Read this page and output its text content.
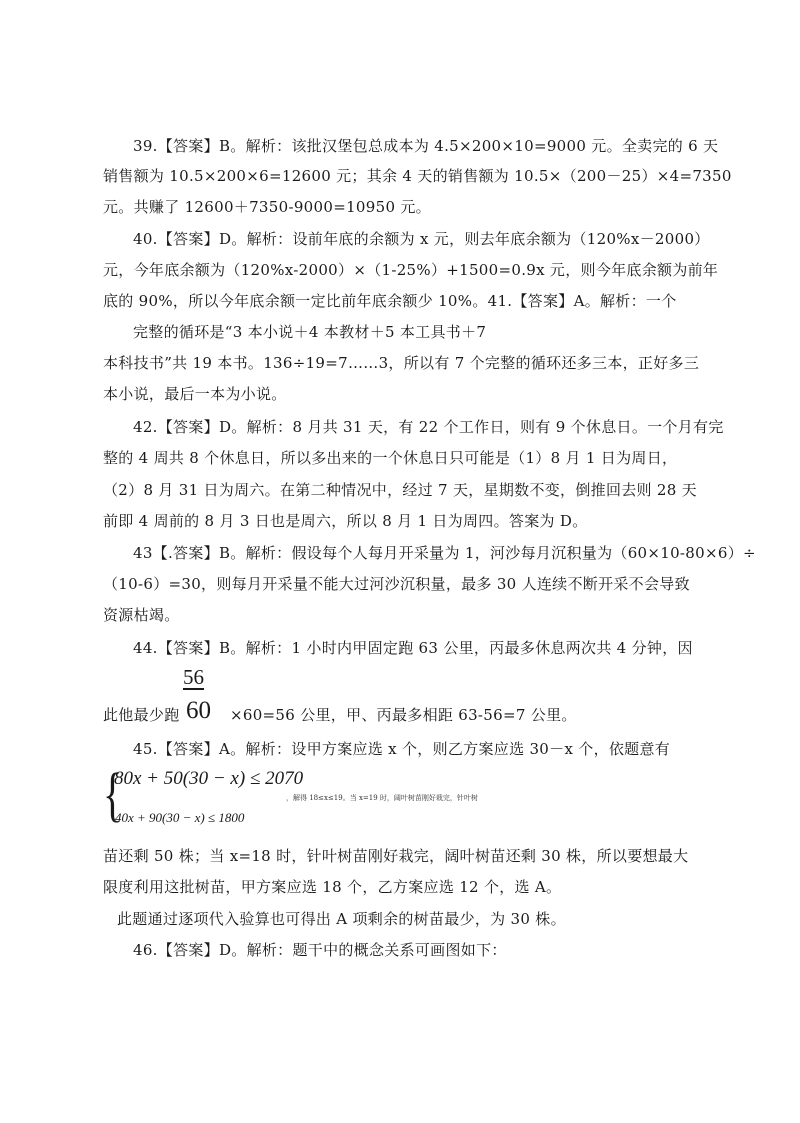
39.【答案】B。解析：该批汉堡包总成本为 4.5×200×10=9000 元。全卖完的 6 天
销售额为 10.5×200×6=12600 元；其余 4 天的销售额为 10.5×（200－25）×4=7350
元。共赚了 12600＋7350-9000=10950 元。
40.【答案】D。解析：设前年底的余额为 x 元，则去年底余额为（120%x－2000）
元，今年底余额为（120%x-2000）×（1-25%）+1500=0.9x 元，则今年底余额为前年
底的 90%，所以今年底余额一定比前年底余额少 10%。41.【答案】A。解析：一个
完整的循环是“3 本小说＋4 本教材＋5 本工具书＋7
本科技书”共 19 本书。136÷19=7……3，所以有 7 个完整的循环还多三本，正好多三
本小说，最后一本为小说。
42.【答案】D。解析：8 月共 31 天，有 22 个工作日，则有 9 个休息日。一个月有完
整的 4 周共 8 个休息日，所以多出来的一个休息日只可能是（1）8 月 1 日为周日，
（2）8 月 31 日为周六。在第二种情况中，经过 7 天，星期数不变，倒推回去则 28 天
前即 4 周前的 8 月 3 日也是周六，所以 8 月 1 日为周四。答案为 D。
43【.答案】B。解析：假设每个人每月开采量为 1，河沙每月沉积量为（60×10-80×6）÷
（10-6）=30，则每月开采量不能大过河沙沉积量，最多 30 人连续不断开采不会导致
资源枯竭。
44.【答案】B。解析：1 小时内甲固定跑 63 公里，丙最多休息两次共 4 分钟，因
56
此他最少跑 60 ×60=56 公里，甲、丙最多相距 63-56=7 公里。
45.【答案】A。解析：设甲方案应选 x 个，则乙方案应选 30－x 个，依题意有
{
80x + 50(30 − x) ≤ 2070
，解得 18≤x≤19。当 x=19 时，阔叶树苗刚好栽完，针叶树
40x + 90(30 − x) ≤ 1800
苗还剩 50 株；当 x=18 时，针叶树苗刚好栽完，阔叶树苗还剩 30 株，所以要想最大
限度利用这批树苗，甲方案应选 18 个，乙方案应选 12 个，选 A。
此题通过逐项代入验算也可得出 A 项剩余的树苗最少，为 30 株。
46.【答案】D。解析：题干中的概念关系可画图如下：
